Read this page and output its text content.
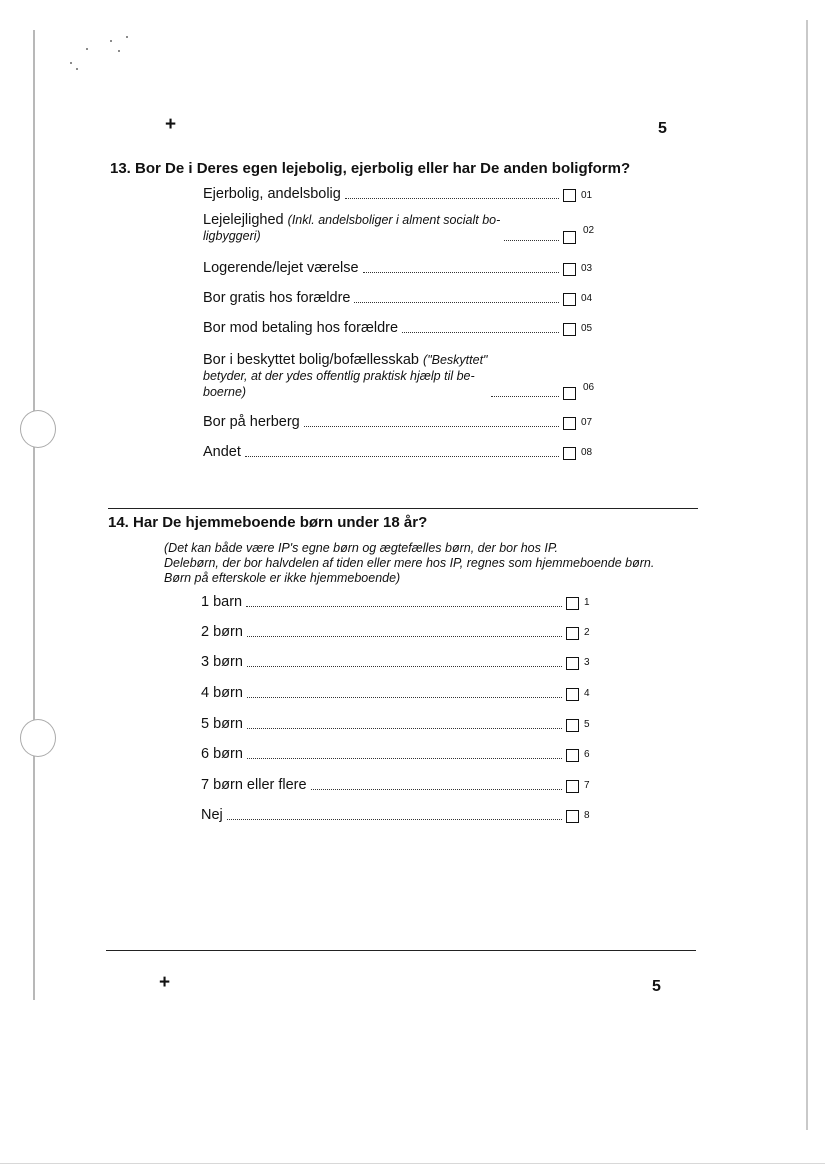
+	5
13. Bor De i Deres egen lejebolig, ejerbolig eller har De anden boligform?
Ejerbolig, andelsbolig	01
Lejelejlighed (Inkl. andelsboliger i alment socialt bo-
ligbyggeri)	02
Logerende/lejet værelse	03
Bor gratis hos forældre	04
Bor mod betaling hos forældre	05
Bor i beskyttet bolig/bofællesskab ("Beskyttet"
betyder, at der ydes offentlig praktisk hjælp til be-
boerne)	06
Bor på herberg	07
Andet	08
14. Har De hjemmeboende børn under 18 år?
(Det kan både være IP's egne børn og ægtefælles børn, der bor hos IP.
Delebørn, der bor halvdelen af tiden eller mere hos IP, regnes som hjemmeboende børn.
Børn på efterskole er ikke hjemmeboende)
1 barn	1
2 børn	2
3 børn	3
4 børn	4
5 børn	5
6 børn	6
7 børn eller flere	7
Nej	8
+	5
